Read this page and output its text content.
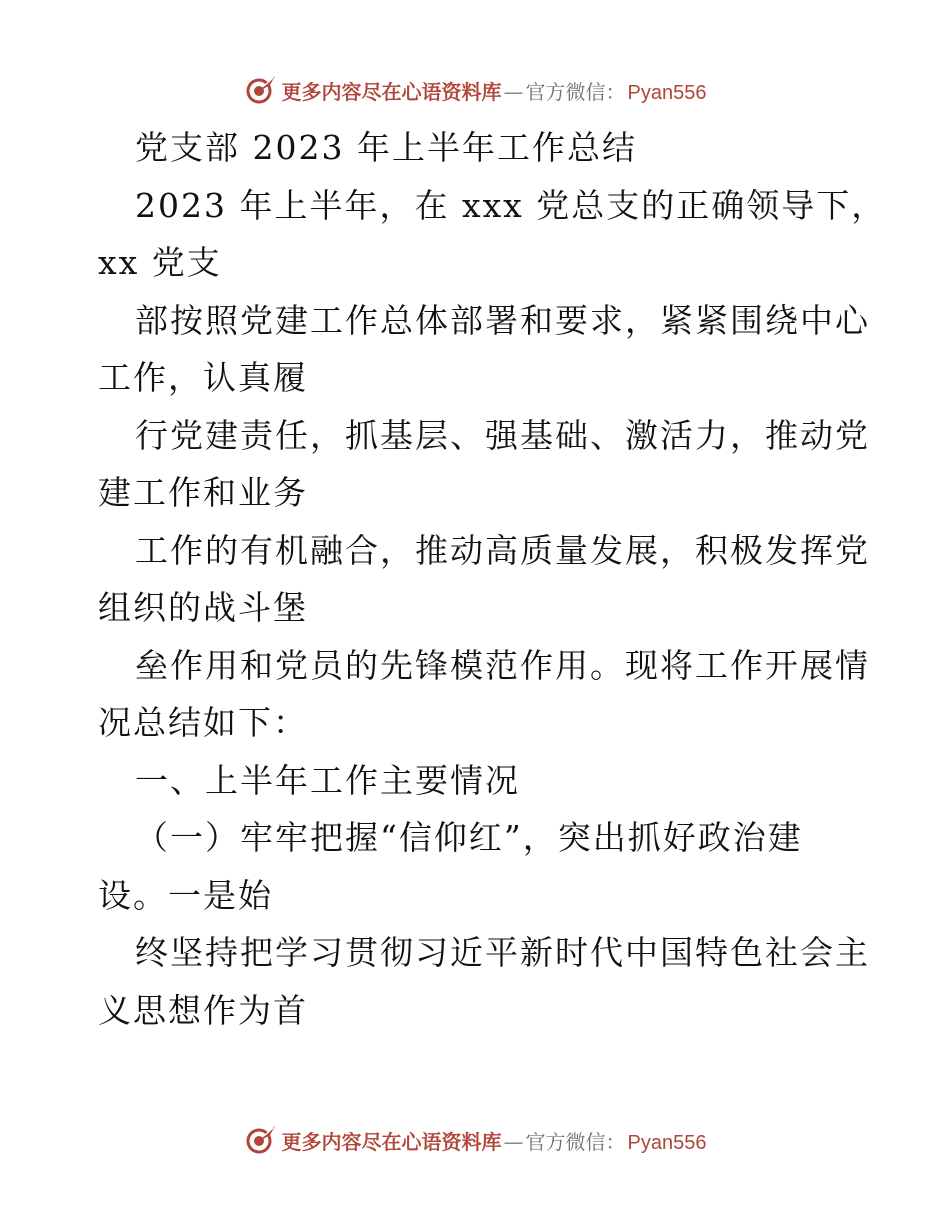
更多内容尽在心语资料库 — 官方微信： Pyan556
党支部 2023 年上半年工作总结
2023 年上半年，在 xxx 党总支的正确领导下，
xx 党支
部按照党建工作总体部署和要求，紧紧围绕中心
工作，认真履
行党建责任，抓基层、强基础、激活力，推动党
建工作和业务
工作的有机融合，推动高质量发展，积极发挥党
组织的战斗堡
垒作用和党员的先锋模范作用。现将工作开展情
况总结如下：
一、上半年工作主要情况
（一）牢牢把握“信仰红”，突出抓好政治建
设。一是始
终坚持把学习贯彻习近平新时代中国特色社会主
义思想作为首
更多内容尽在心语资料库 — 官方微信： Pyan556
